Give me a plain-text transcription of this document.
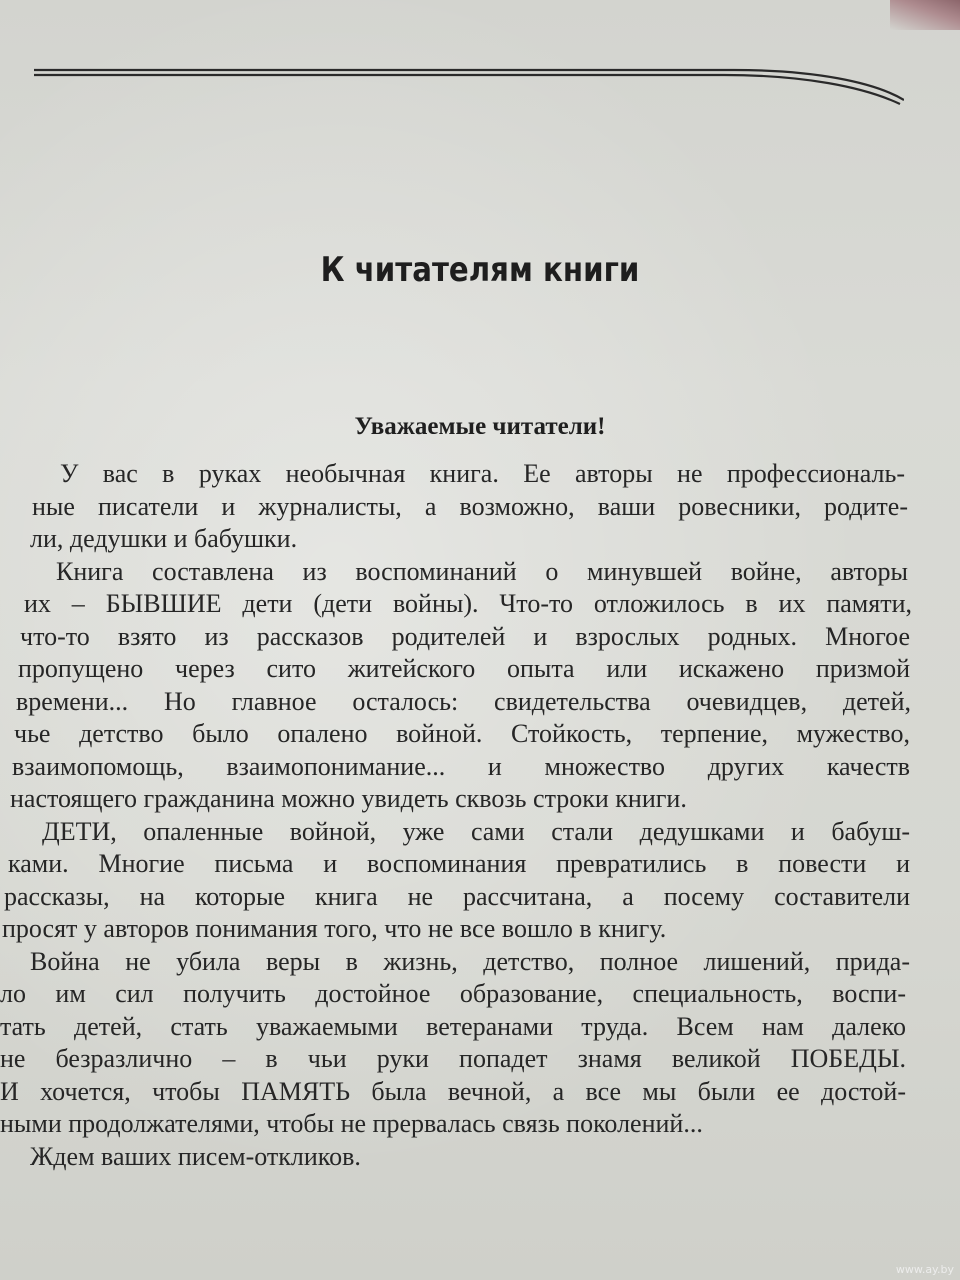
К читателям книги
Уважаемые читатели!
У вас в руках необычная книга. Ее авторы не профессиональ-
ные писатели и журналисты, а возможно, ваши ровесники, родите-
ли, дедушки и бабушки.
Книга составлена из воспоминаний о минувшей войне, авторы
их – БЫВШИЕ дети (дети войны). Что-то отложилось в их памяти,
что-то взято из рассказов родителей и взрослых родных. Многое
пропущено через сито житейского опыта или искажено призмой
времени... Но главное осталось: свидетельства очевидцев, детей,
чье детство было опалено войной. Стойкость, терпение, мужество,
взаимопомощь, взаимопонимание... и множество других качеств
настоящего гражданина можно увидеть сквозь строки книги.
ДЕТИ, опаленные войной, уже сами стали дедушками и бабуш-
ками. Многие письма и воспоминания превратились в повести и
рассказы, на которые книга не рассчитана, а посему составители
просят у авторов понимания того, что не все вошло в книгу.
Война не убила веры в жизнь, детство, полное лишений, прида-
ло им сил получить достойное образование, специальность, воспи-
тать детей, стать уважаемыми ветеранами труда. Всем нам далеко
не безразлично – в чьи руки попадет знамя великой ПОБЕДЫ.
И хочется, чтобы ПАМЯТЬ была вечной, а все мы были ее достой-
ными продолжателями, чтобы не прервалась связь поколений...
Ждем ваших писем-откликов.
www.ay.by
